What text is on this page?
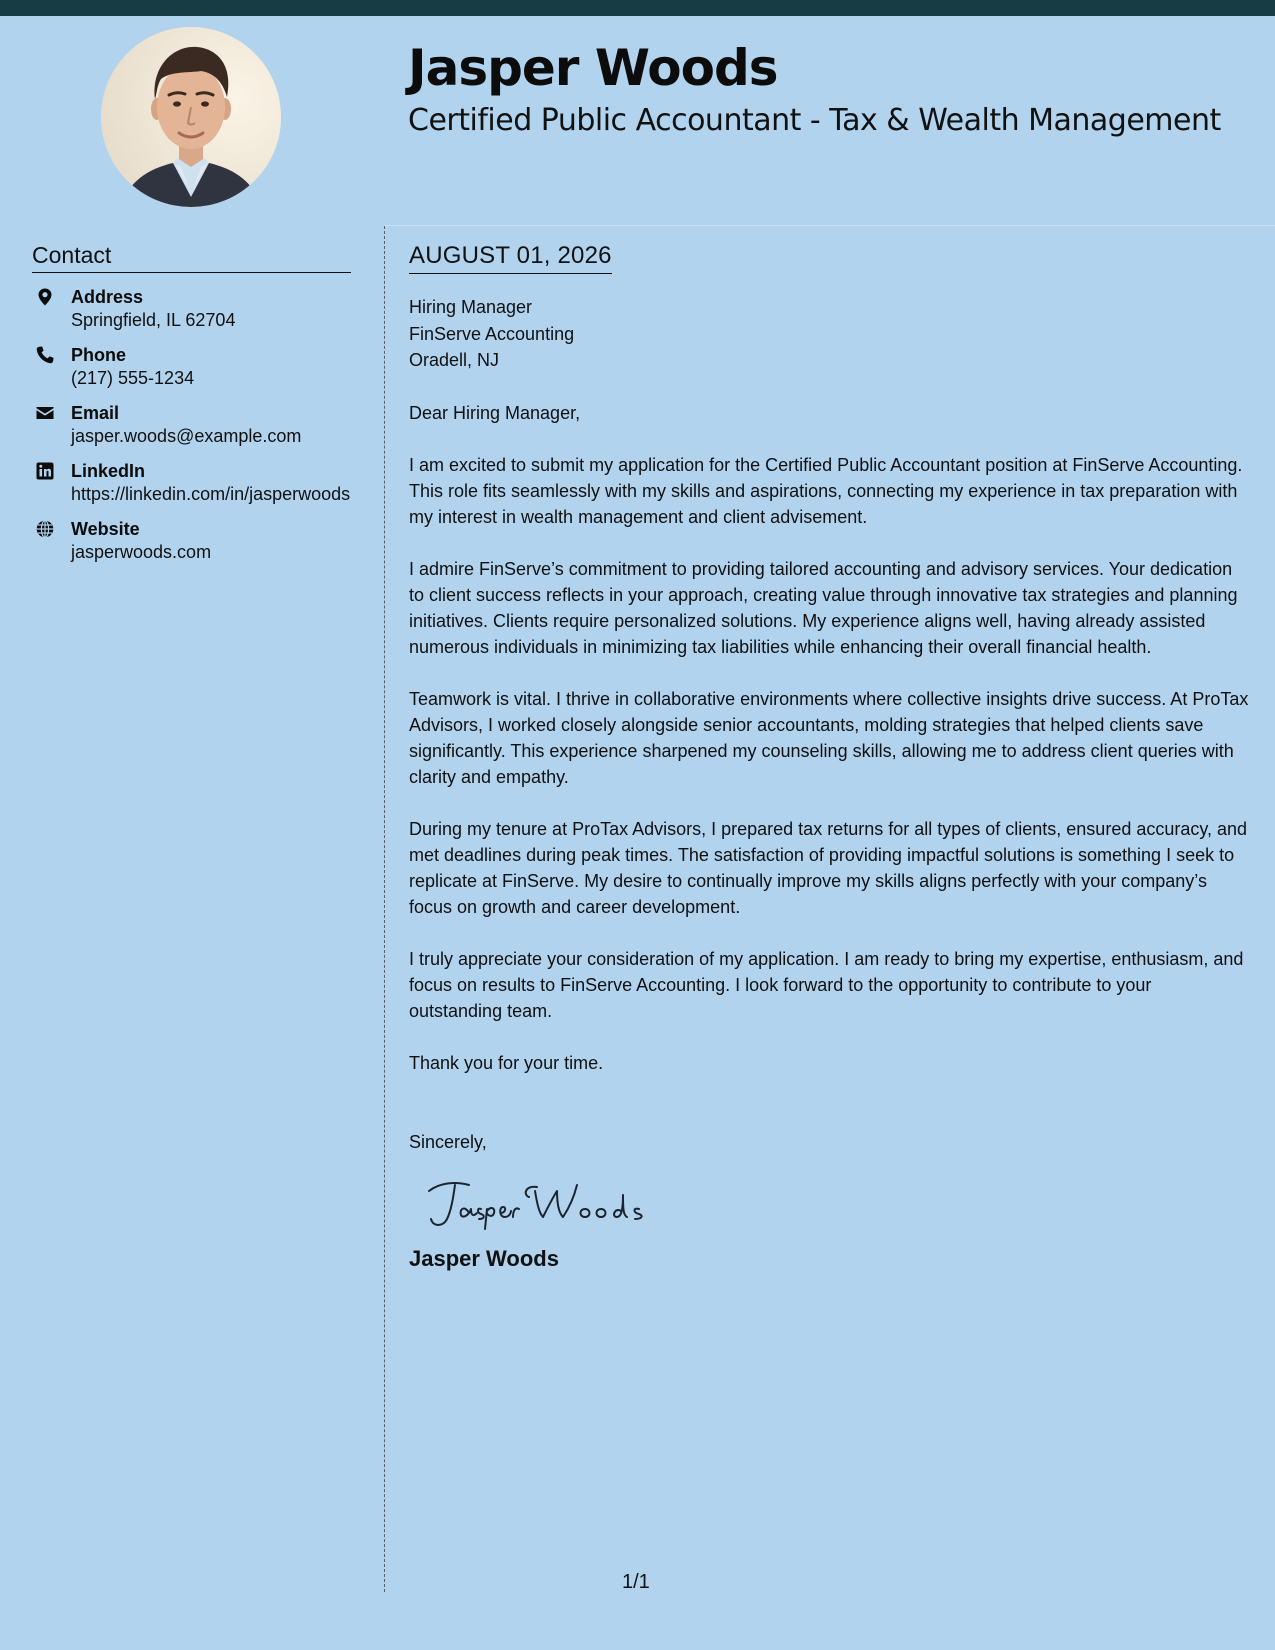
Jasper Woods
Certified Public Accountant - Tax & Wealth Management
Contact
Address
Springfield, IL 62704
Phone
(217) 555-1234
Email
jasper.woods@example.com
LinkedIn
https://linkedin.com/in/jasperwoods
Website
jasperwoods.com
AUGUST 01, 2026
Hiring Manager
FinServe Accounting
Oradell, NJ
Dear Hiring Manager,
I am excited to submit my application for the Certified Public Accountant position at FinServe Accounting. This role fits seamlessly with my skills and aspirations, connecting my experience in tax preparation with my interest in wealth management and client advisement.
I admire FinServe’s commitment to providing tailored accounting and advisory services. Your dedication to client success reflects in your approach, creating value through innovative tax strategies and planning initiatives. Clients require personalized solutions. My experience aligns well, having already assisted numerous individuals in minimizing tax liabilities while enhancing their overall financial health.
Teamwork is vital. I thrive in collaborative environments where collective insights drive success. At ProTax Advisors, I worked closely alongside senior accountants, molding strategies that helped clients save significantly. This experience sharpened my counseling skills, allowing me to address client queries with clarity and empathy.
During my tenure at ProTax Advisors, I prepared tax returns for all types of clients, ensured accuracy, and met deadlines during peak times. The satisfaction of providing impactful solutions is something I seek to replicate at FinServe. My desire to continually improve my skills aligns perfectly with your company’s focus on growth and career development.
I truly appreciate your consideration of my application. I am ready to bring my expertise, enthusiasm, and focus on results to FinServe Accounting. I look forward to the opportunity to contribute to your outstanding team.
Thank you for your time.
Sincerely,
Jasper Woods
1/1
